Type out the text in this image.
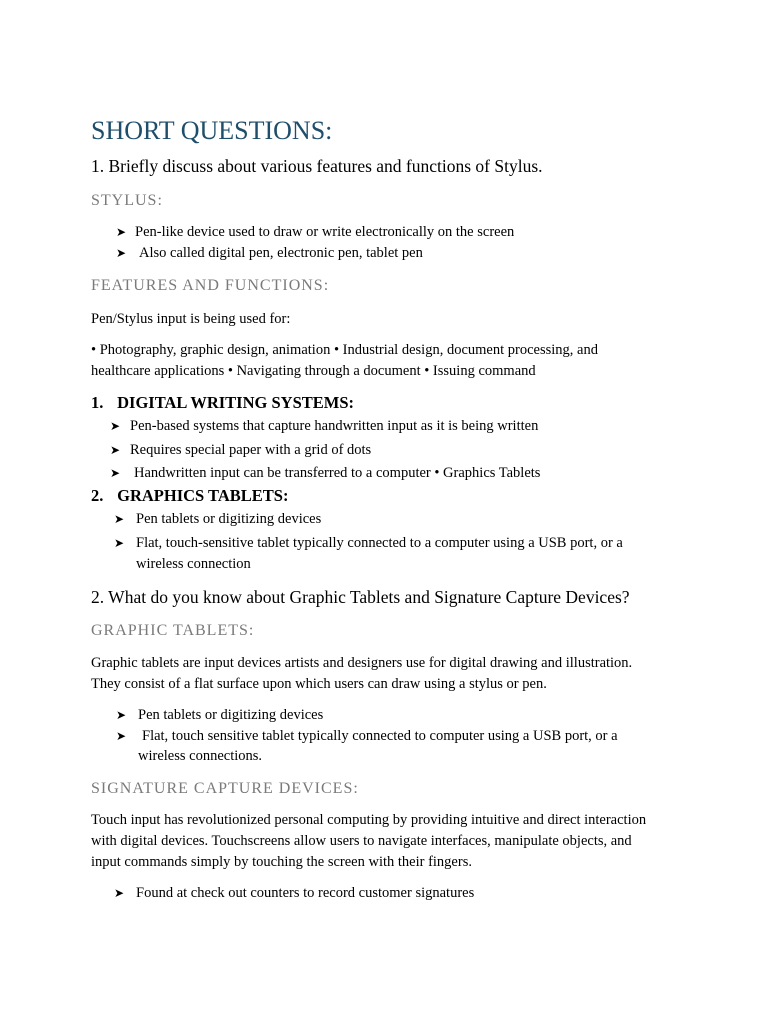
SHORT QUESTIONS:
1. Briefly discuss about various features and functions of Stylus.
STYLUS:
➤ Pen-like device used to draw or write electronically on the screen
➤ Also called digital pen, electronic pen, tablet pen
FEATURES AND FUNCTIONS:
Pen/Stylus input is being used for:
• Photography, graphic design, animation • Industrial design, document processing, and
healthcare applications • Navigating through a document • Issuing command
1. DIGITAL WRITING SYSTEMS:
➤ Pen-based systems that capture handwritten input as it is being written
➤ Requires special paper with a grid of dots
➤ Handwritten input can be transferred to a computer • Graphics Tablets
2. GRAPHICS TABLETS:
➤ Pen tablets or digitizing devices
➤ Flat, touch-sensitive tablet typically connected to a computer using a USB port, or a
wireless connection
2. What do you know about Graphic Tablets and Signature Capture Devices?
GRAPHIC TABLETS:
Graphic tablets are input devices artists and designers use for digital drawing and illustration.
They consist of a flat surface upon which users can draw using a stylus or pen.
➤ Pen tablets or digitizing devices
➤ Flat, touch sensitive tablet typically connected to computer using a USB port, or a
wireless connections.
SIGNATURE CAPTURE DEVICES:
Touch input has revolutionized personal computing by providing intuitive and direct interaction
with digital devices. Touchscreens allow users to navigate interfaces, manipulate objects, and
input commands simply by touching the screen with their fingers.
➤ Found at check out counters to record customer signatures
